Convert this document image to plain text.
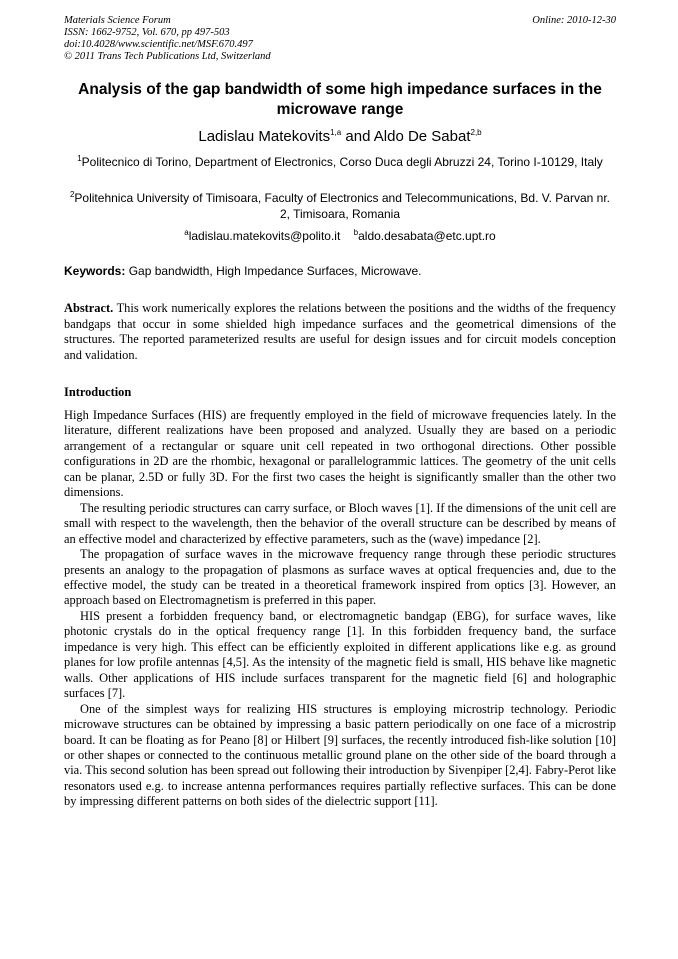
Materials Science Forum
ISSN: 1662-9752, Vol. 670, pp 497-503
doi:10.4028/www.scientific.net/MSF.670.497
© 2011 Trans Tech Publications Ltd, Switzerland
Online: 2010-12-30
Analysis of the gap bandwidth of some high impedance surfaces in the microwave range
Ladislau Matekovits$^{1,a}$ and Aldo De Sabat$^{2,b}$
$^1$Politecnico di Torino, Department of Electronics, Corso Duca degli Abruzzi 24, Torino I-10129, Italy
$^2$Politehnica University of Timisoara, Faculty of Electronics and Telecommunications, Bd. V. Parvan nr. 2, Timisoara, Romania
$^a$ladislau.matekovits@polito.it $^b$aldo.desabata@etc.upt.ro
Keywords: Gap bandwidth, High Impedance Surfaces, Microwave.
Abstract. This work numerically explores the relations between the positions and the widths of the frequency bandgaps that occur in some shielded high impedance surfaces and the geometrical dimensions of the structures. The reported parameterized results are useful for design issues and for circuit models conception and validation.
Introduction

High Impedance Surfaces (HIS) are frequently employed in the field of microwave frequencies lately. In the literature, different realizations have been proposed and analyzed. Usually they are based on a periodic arrangement of a rectangular or square unit cell repeated in two orthogonal directions. Other possible configurations in 2D are the rhombic, hexagonal or parallelogrammic lattices. The geometry of the unit cells can be planar, 2.5D or fully 3D. For the first two cases the height is significantly smaller than the other two dimensions.

The resulting periodic structures can carry surface, or Bloch waves [1]. If the dimensions of the unit cell are small with respect to the wavelength, then the behavior of the overall structure can be described by means of an effective model and characterized by effective parameters, such as the (wave) impedance [2].

The propagation of surface waves in the microwave frequency range through these periodic structures presents an analogy to the propagation of plasmons as surface waves at optical frequencies and, due to the effective model, the study can be treated in a theoretical framework inspired from optics [3]. However, an approach based on Electromagnetism is preferred in this paper.

HIS present a forbidden frequency band, or electromagnetic bandgap (EBG), for surface waves, like photonic crystals do in the optical frequency range [1]. In this forbidden frequency band, the surface impedance is very high. This effect can be efficiently exploited in different applications like e.g. as ground planes for low profile antennas [4,5]. As the intensity of the magnetic field is small, HIS behave like magnetic walls. Other applications of HIS include surfaces transparent for the magnetic field [6] and holographic surfaces [7].

One of the simplest ways for realizing HIS structures is employing microstrip technology. Periodic microwave structures can be obtained by impressing a basic pattern periodically on one face of a microstrip board. It can be floating as for Peano [8] or Hilbert [9] surfaces, the recently introduced fish-like solution [10] or other shapes or connected to the continuous metallic ground plane on the other side of the board through a via. This second solution has been spread out following their introduction by Sivenpiper [2,4]. Fabry-Perot like resonators used e.g. to increase antenna performances requires partially reflective surfaces. This can be done by impressing different patterns on both sides of the dielectric support [11].
